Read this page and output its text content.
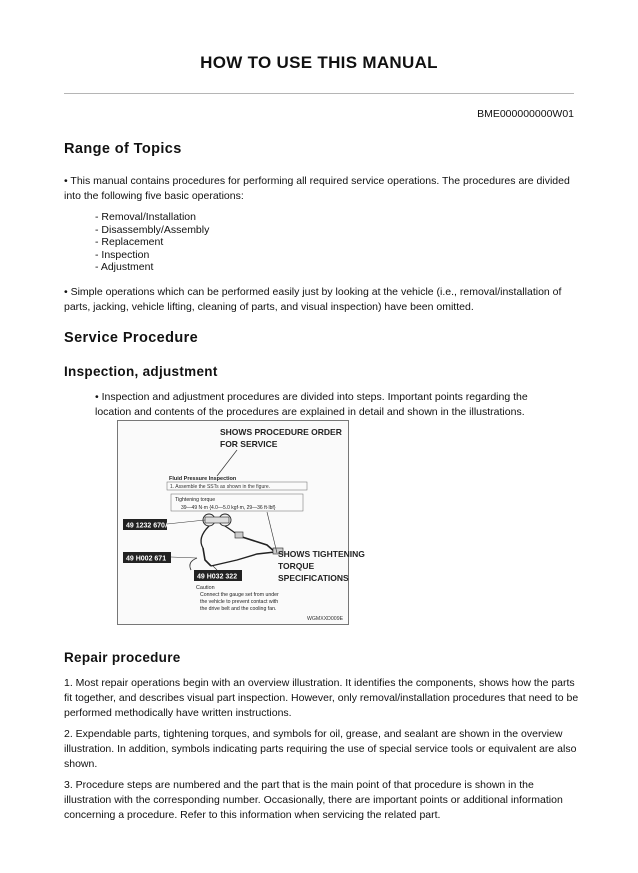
HOW TO USE THIS MANUAL
BME000000000W01
Range of Topics

• This manual contains procedures for performing all required service operations. The procedures are divided into the following five basic operations:

- Removal/Installation
- Disassembly/Assembly
- Replacement
- Inspection
- Adjustment

• Simple operations which can be performed easily just by looking at the vehicle (i.e., removal/installation of parts, jacking, vehicle lifting, cleaning of parts, and visual inspection) have been omitted.

Service Procedure
Inspection, adjustment

• Inspection and adjustment procedures are divided into steps. Important points regarding the location and contents of the procedures are explained in detail and shown in the illustrations.

SHOWS PROCEDURE ORDER
FOR SERVICE
Fluid Pressure Inspection
1. Assemble the SSTs as shown in the figure.
Tightening torque
39—49 N·m {4.0—5.0 kgf·m, 29—36 ft·lbf}
49 1232 670A
49 H002 671
49 H032 322
SHOWS TIGHTENING
TORQUE
SPECIFICATIONS
Caution
Connect the gauge set from under
the vehicle to prevent contact with
the drive belt and the cooling fan.
WGMXXD009E
Repair procedure

1. Most repair operations begin with an overview illustration. It identifies the components, shows how the parts fit together, and describes visual part inspection. However, only removal/installation procedures that need to be performed methodically have written instructions.

2. Expendable parts, tightening torques, and symbols for oil, grease, and sealant are shown in the overview illustration. In addition, symbols indicating parts requiring the use of special service tools or equivalent are also shown.

3. Procedure steps are numbered and the part that is the main point of that procedure is shown in the illustration with the corresponding number. Occasionally, there are important points or additional information concerning a procedure. Refer to this information when servicing the related part.
